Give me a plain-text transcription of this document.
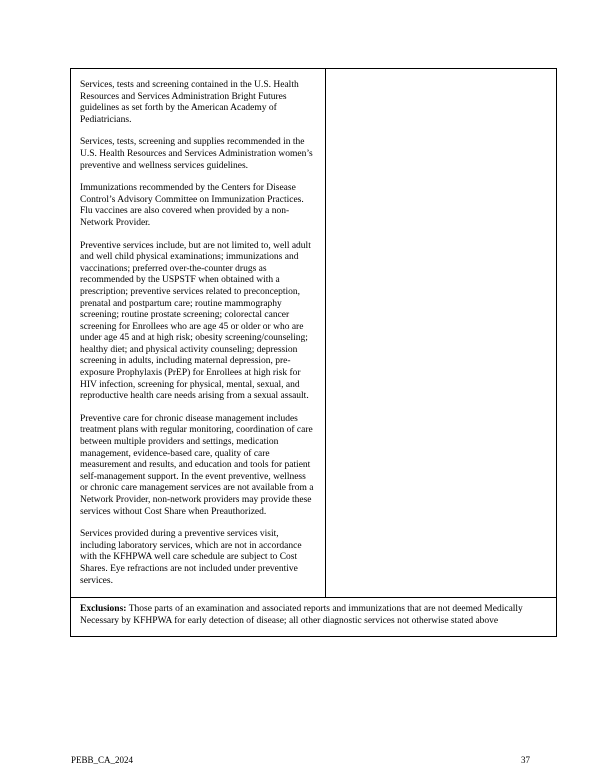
Services, tests and screening contained in the U.S. Health Resources and Services Administration Bright Futures guidelines as set forth by the American Academy of Pediatricians.

Services, tests, screening and supplies recommended in the U.S. Health Resources and Services Administration women’s preventive and wellness services guidelines.

Immunizations recommended by the Centers for Disease Control’s Advisory Committee on Immunization Practices. Flu vaccines are also covered when provided by a non-Network Provider.

Preventive services include, but are not limited to, well adult and well child physical examinations; immunizations and vaccinations; preferred over-the-counter drugs as recommended by the USPSTF when obtained with a prescription; preventive services related to preconception, prenatal and postpartum care; routine mammography screening; routine prostate screening; colorectal cancer screening for Enrollees who are age 45 or older or who are under age 45 and at high risk; obesity screening/counseling; healthy diet; and physical activity counseling; depression screening in adults, including maternal depression, pre-exposure Prophylaxis (PrEP) for Enrollees at high risk for HIV infection, screening for physical, mental, sexual, and reproductive health care needs arising from a sexual assault.

Preventive care for chronic disease management includes treatment plans with regular monitoring, coordination of care between multiple providers and settings, medication management, evidence-based care, quality of care measurement and results, and education and tools for patient self-management support. In the event preventive, wellness or chronic care management services are not available from a Network Provider, non-network providers may provide these services without Cost Share when Preauthorized.

Services provided during a preventive services visit, including laboratory services, which are not in accordance with the KFHPWA well care schedule are subject to Cost Shares. Eye refractions are not included under preventive services.

Exclusions: Those parts of an examination and associated reports and immunizations that are not deemed Medically Necessary by KFHPWA for early detection of disease; all other diagnostic services not otherwise stated above
PEBB_CA_2024	37
